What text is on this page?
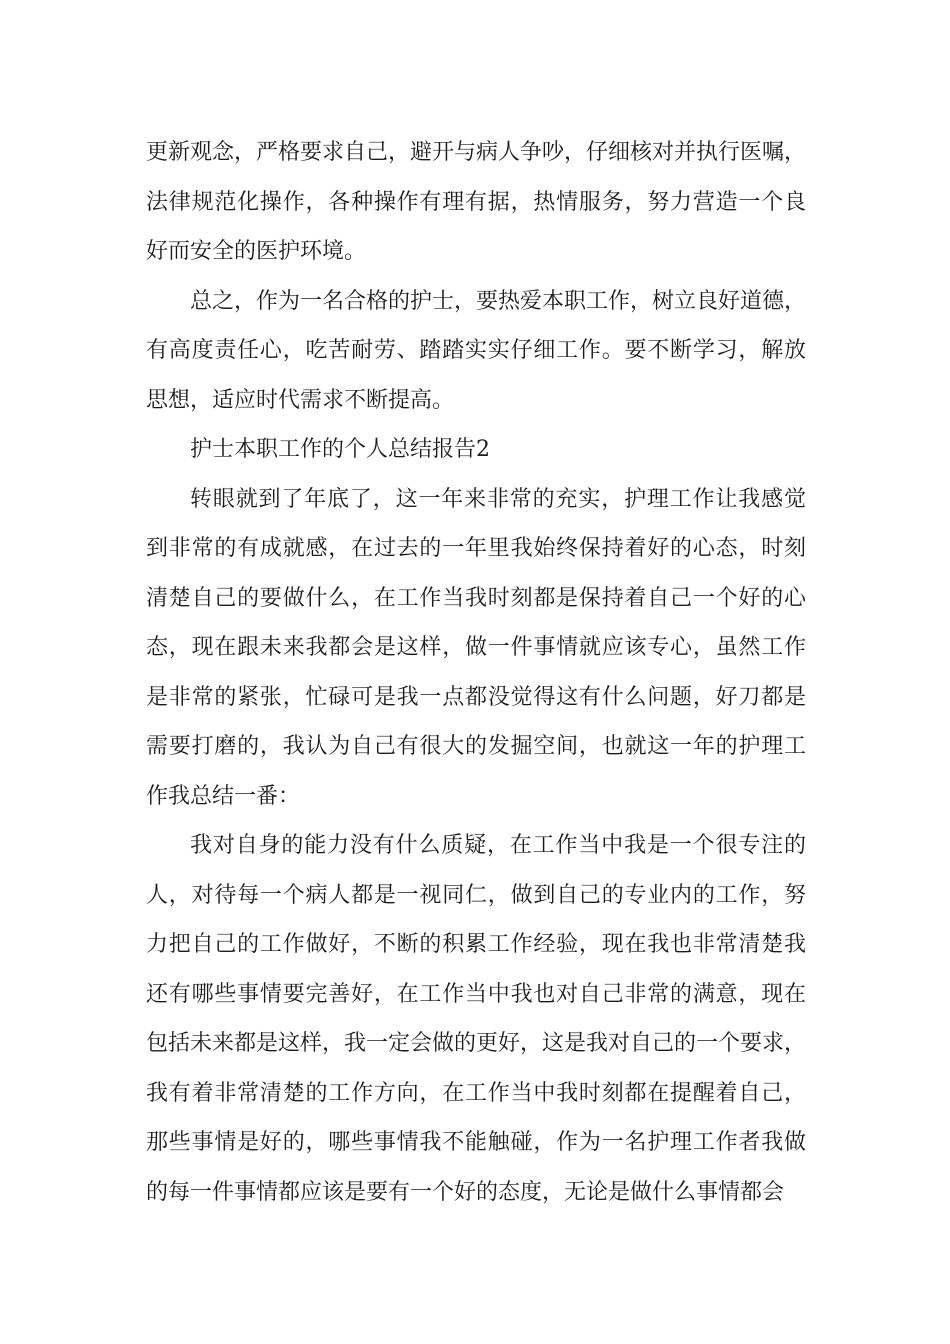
更新观念，严格要求自己，避开与病人争吵，仔细核对并执行医嘱，
法律规范化操作，各种操作有理有据，热情服务，努力营造一个良
好而安全的医护环境。
总之，作为一名合格的护士，要热爱本职工作，树立良好道德，
有高度责任心，吃苦耐劳、踏踏实实仔细工作。要不断学习，解放
思想，适应时代需求不断提高。
护士本职工作的个人总结报告2
转眼就到了年底了，这一年来非常的充实，护理工作让我感觉
到非常的有成就感，在过去的一年里我始终保持着好的心态，时刻
清楚自己的要做什么，在工作当我时刻都是保持着自己一个好的心
态，现在跟未来我都会是这样，做一件事情就应该专心，虽然工作
是非常的紧张，忙碌可是我一点都没觉得这有什么问题，好刀都是
需要打磨的，我认为自己有很大的发掘空间，也就这一年的护理工
作我总结一番：
我对自身的能力没有什么质疑，在工作当中我是一个很专注的
人，对待每一个病人都是一视同仁，做到自己的专业内的工作，努
力把自己的工作做好，不断的积累工作经验，现在我也非常清楚我
还有哪些事情要完善好，在工作当中我也对自己非常的满意，现在
包括未来都是这样，我一定会做的更好，这是我对自己的一个要求，
我有着非常清楚的工作方向，在工作当中我时刻都在提醒着自己，
那些事情是好的，哪些事情我不能触碰，作为一名护理工作者我做
的每一件事情都应该是要有一个好的态度，无论是做什么事情都会
